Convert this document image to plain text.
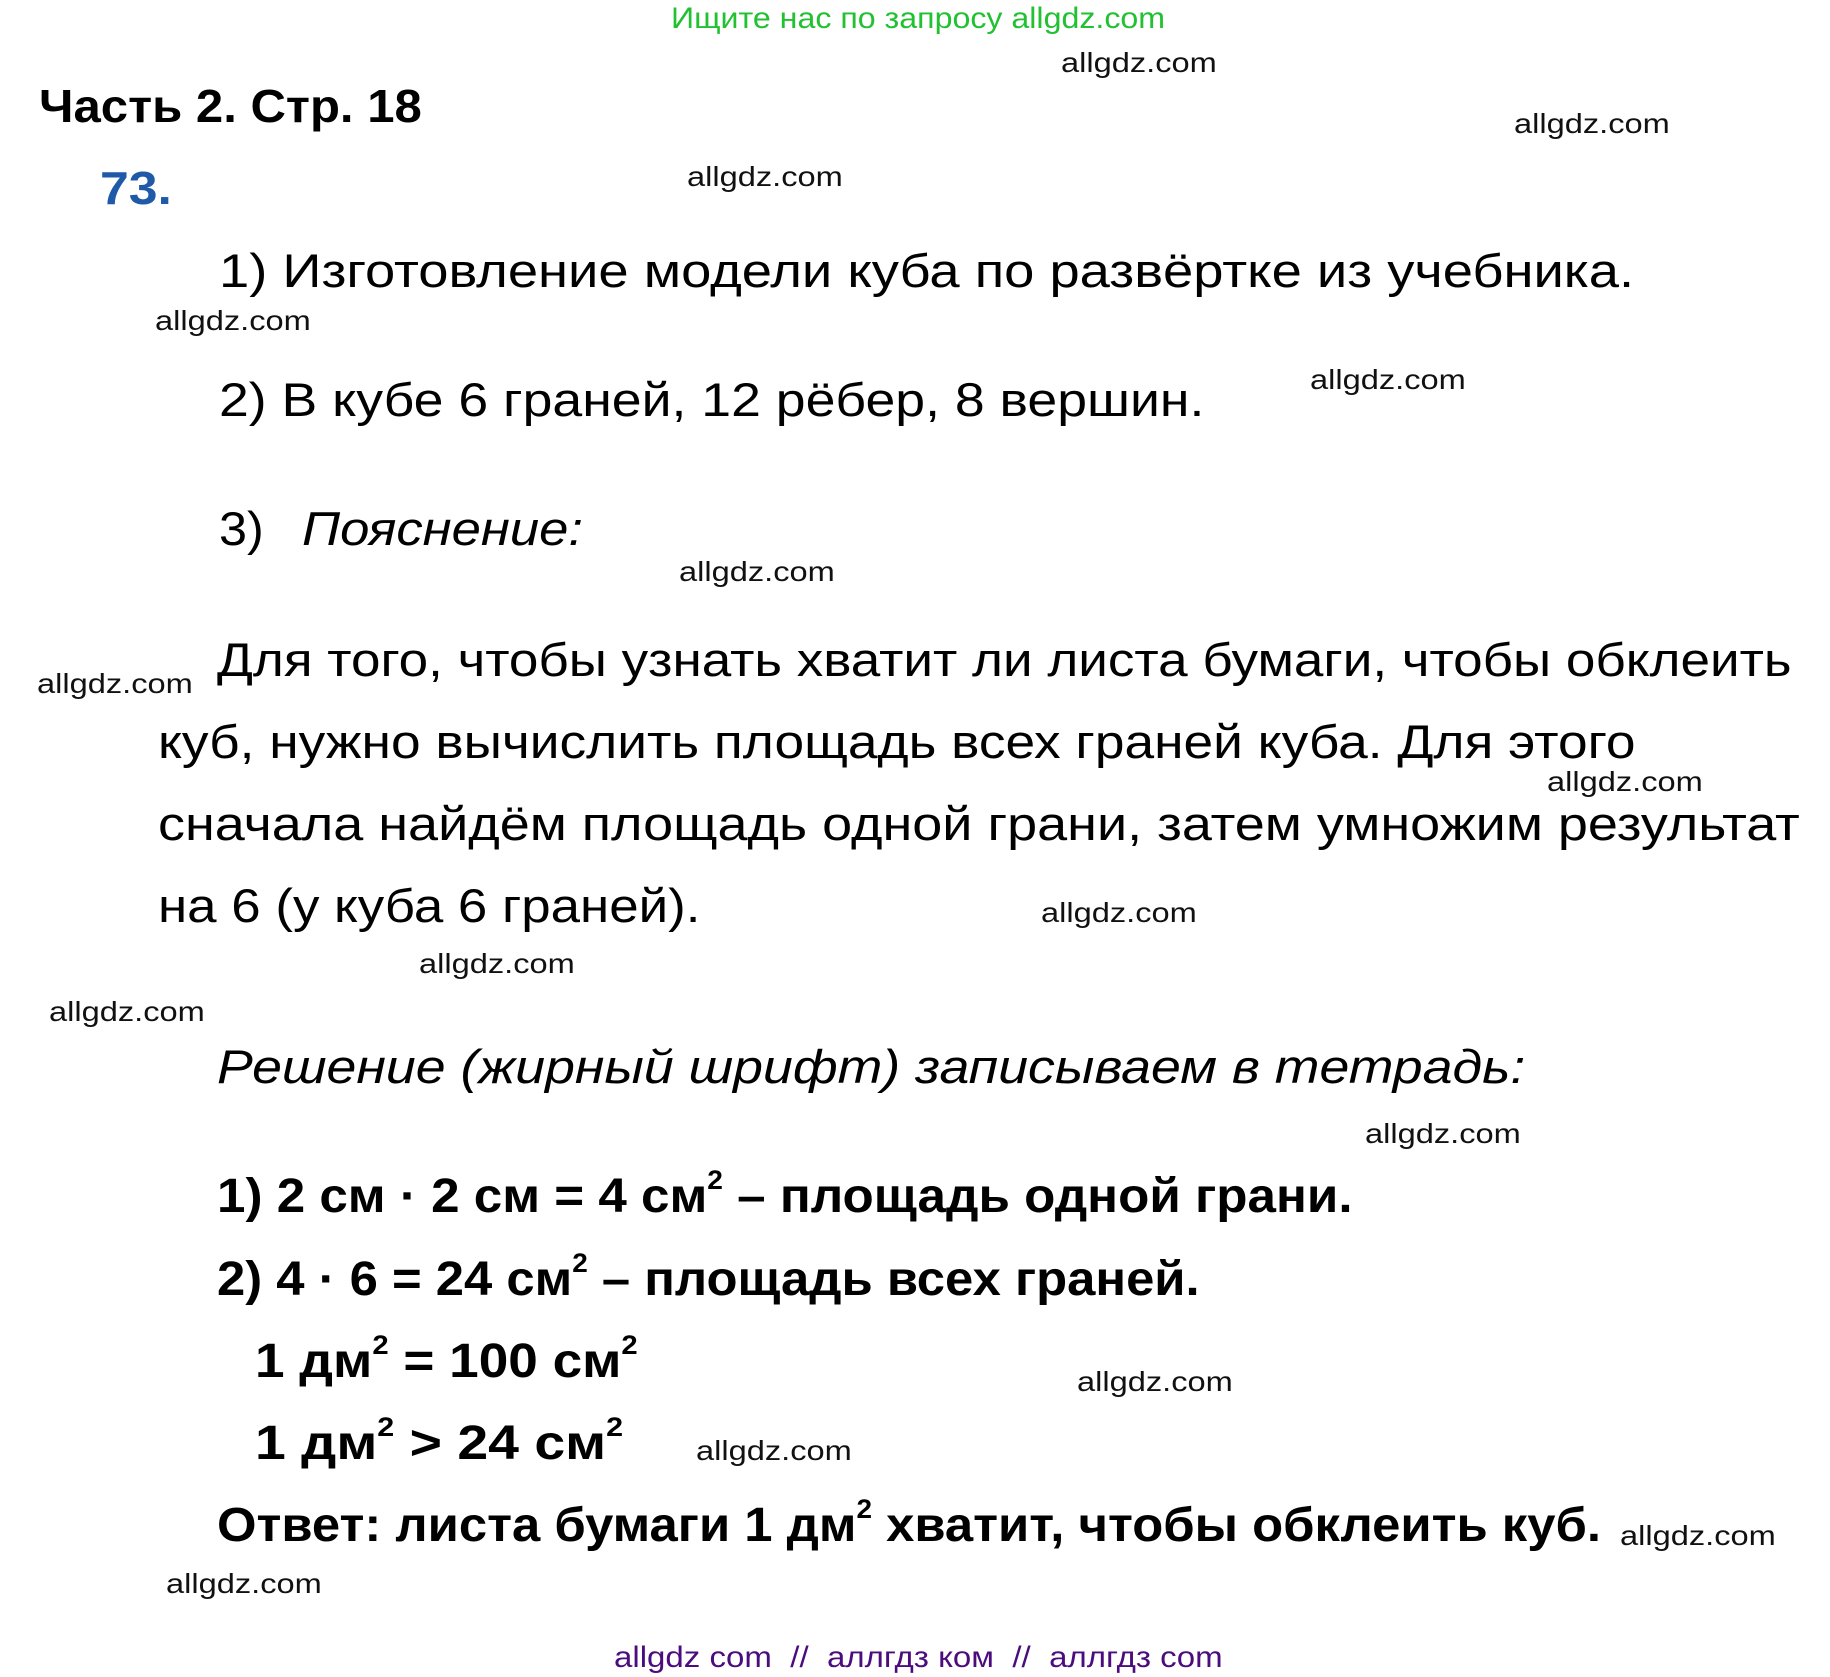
Ищите нас по запросу allgdz.com
Часть 2. Стр. 18
73.
1) Изготовление модели куба по развёртке из учебника.
2) В кубе 6 граней, 12 рёбер, 8 вершин.
3) Пояснение:
Для того, чтобы узнать хватит ли листа бумаги, чтобы обклеить
куб, нужно вычислить площадь всех граней куба. Для этого
сначала найдём площадь одной грани, затем умножим результат
на 6 (у куба 6 граней).
Решение (жирный шрифт) записываем в тетрадь:
1) 2 см · 2 см = 4 $см^2$ – площадь одной грани.
2) 4 · 6 = 24 $см^2$ – площадь всех граней.
1 $дм^2 = 100$ $см^2$
1 $дм^2 > 24$ $см^2$
Ответ: листа бумаги 1 $дм^2$ хватит, чтобы обклеить куб.
allgdz.com
allgdz.com
allgdz.com
allgdz.com
allgdz.com
allgdz.com
allgdz.com
allgdz.com
allgdz.com
allgdz.com
allgdz.com
allgdz.com
allgdz.com
allgdz.com
allgdz.com
allgdz.com
allgdz com  //  аллгдз ком  //  аллгдз com
